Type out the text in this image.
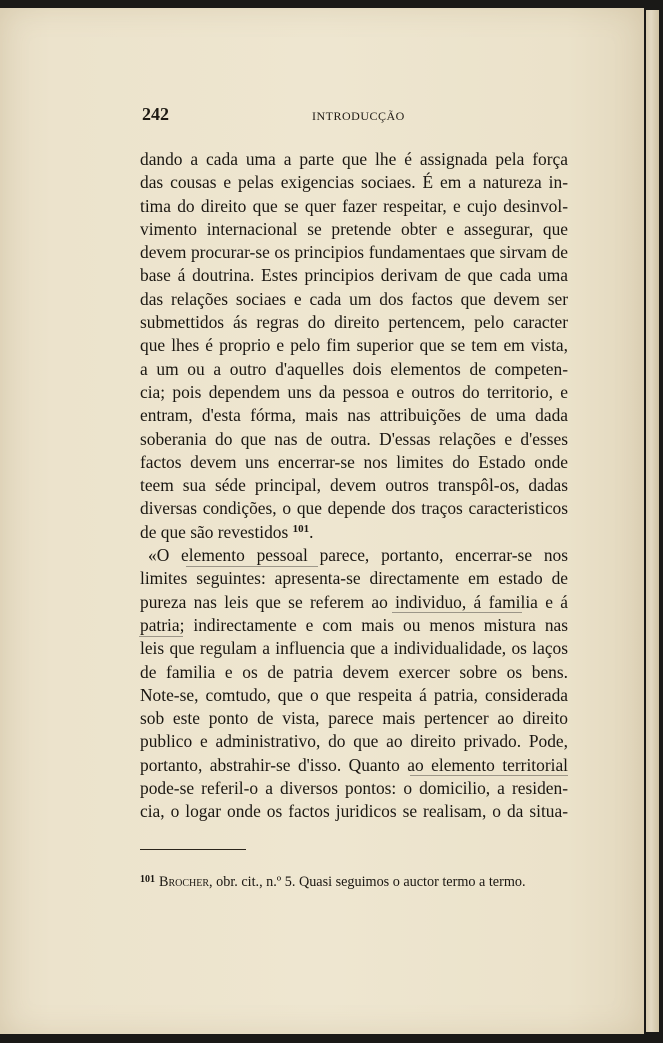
242	INTRODUCÇÃO
dando a cada uma a parte que lhe é assignada pela força
das cousas e pelas exigencias sociaes. É em a natureza in-
tima do direito que se quer fazer respeitar, e cujo desinvol-
vimento internacional se pretende obter e assegurar, que
devem procurar-se os principios fundamentaes que sirvam de
base á doutrina. Estes principios derivam de que cada uma
das relações sociaes e cada um dos factos que devem ser
submettidos ás regras do direito pertencem, pelo caracter
que lhes é proprio e pelo fim superior que se tem em vista,
a um ou a outro d'aquelles dois elementos de competen-
cia; pois dependem uns da pessoa e outros do territorio, e
entram, d'esta fórma, mais nas attribuições de uma dada
soberania do que nas de outra. D'essas relações e d'esses
factos devem uns encerrar-se nos limites do Estado onde
teem sua séde principal, devem outros transpôl-os, dadas
diversas condições, o que depende dos traços caracteristicos
de que são revestidos $^{101}$.
«O elemento pessoal parece, portanto, encerrar-se nos
limites seguintes: apresenta-se directamente em estado de
pureza nas leis que se referem ao individuo, á familia e á
patria; indirectamente e com mais ou menos mistura nas
leis que regulam a influencia que a individualidade, os laços
de familia e os de patria devem exercer sobre os bens.
Note-se, comtudo, que o que respeita á patria, considerada
sob este ponto de vista, parece mais pertencer ao direito
publico e administrativo, do que ao direito privado. Pode,
portanto, abstrahir-se d'isso. Quanto ao elemento territorial
pode-se referil-o a diversos pontos: o domicilio, a residen-
cia, o logar onde os factos juridicos se realisam, o da situa-
$^{101}$ Brocher, obr. cit., n.º 5. Quasi seguimos o auctor termo a termo.
